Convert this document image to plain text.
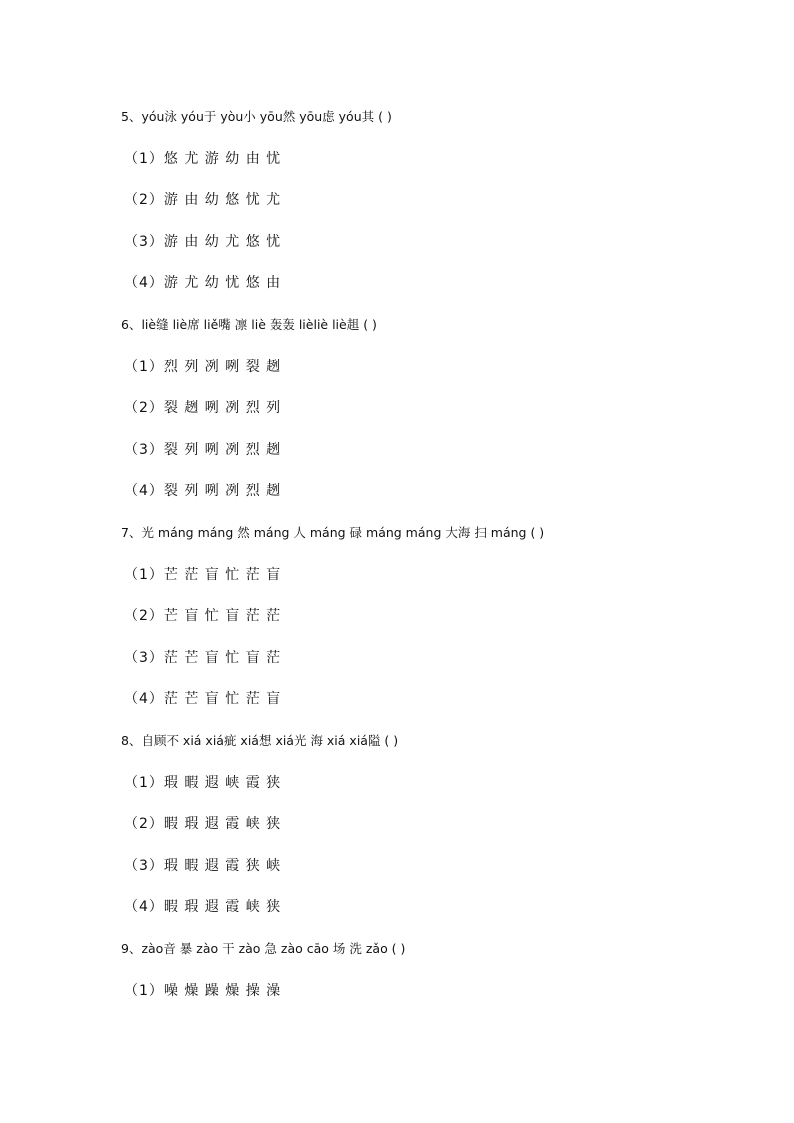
5、yóu泳 yóu于 yòu小 yōu然 yōu虑 yóu其 ( )
（1）悠 尤 游 幼 由 忧
（2）游 由 幼 悠 忧 尤
（3）游 由 幼 尤 悠 忧
（4）游 尤 幼 忧 悠 由
6、liè缝 liè席 liě嘴 凛 liè 轰轰 lièliè liè趄 ( )
（1）烈 列 冽 咧 裂 趔
（2）裂 趔 咧 冽 烈 列
（3）裂 列 咧 冽 烈 趔
（4）裂 列 咧 冽 烈 趔
7、光 máng máng 然 máng 人 máng 碌 máng máng 大海 扫 máng ( )
（1）芒 茫 盲 忙 茫 盲
（2）芒 盲 忙 盲 茫 茫
（3）茫 芒 盲 忙 盲 茫
（4）茫 芒 盲 忙 茫 盲
8、自顾不 xiá xiá疵 xiá想 xiá光 海 xiá xiá隘 ( )
（1）瑕 暇 遐 峡 霞 狭
（2）暇 瑕 遐 霞 峡 狭
（3）瑕 暇 遐 霞 狭 峡
（4）暇 瑕 遐 霞 峡 狭
9、zào音 暴 zào 干 zào 急 zào cāo 场 洗 zǎo ( )
（1）噪 燥 躁 燥 操 澡
